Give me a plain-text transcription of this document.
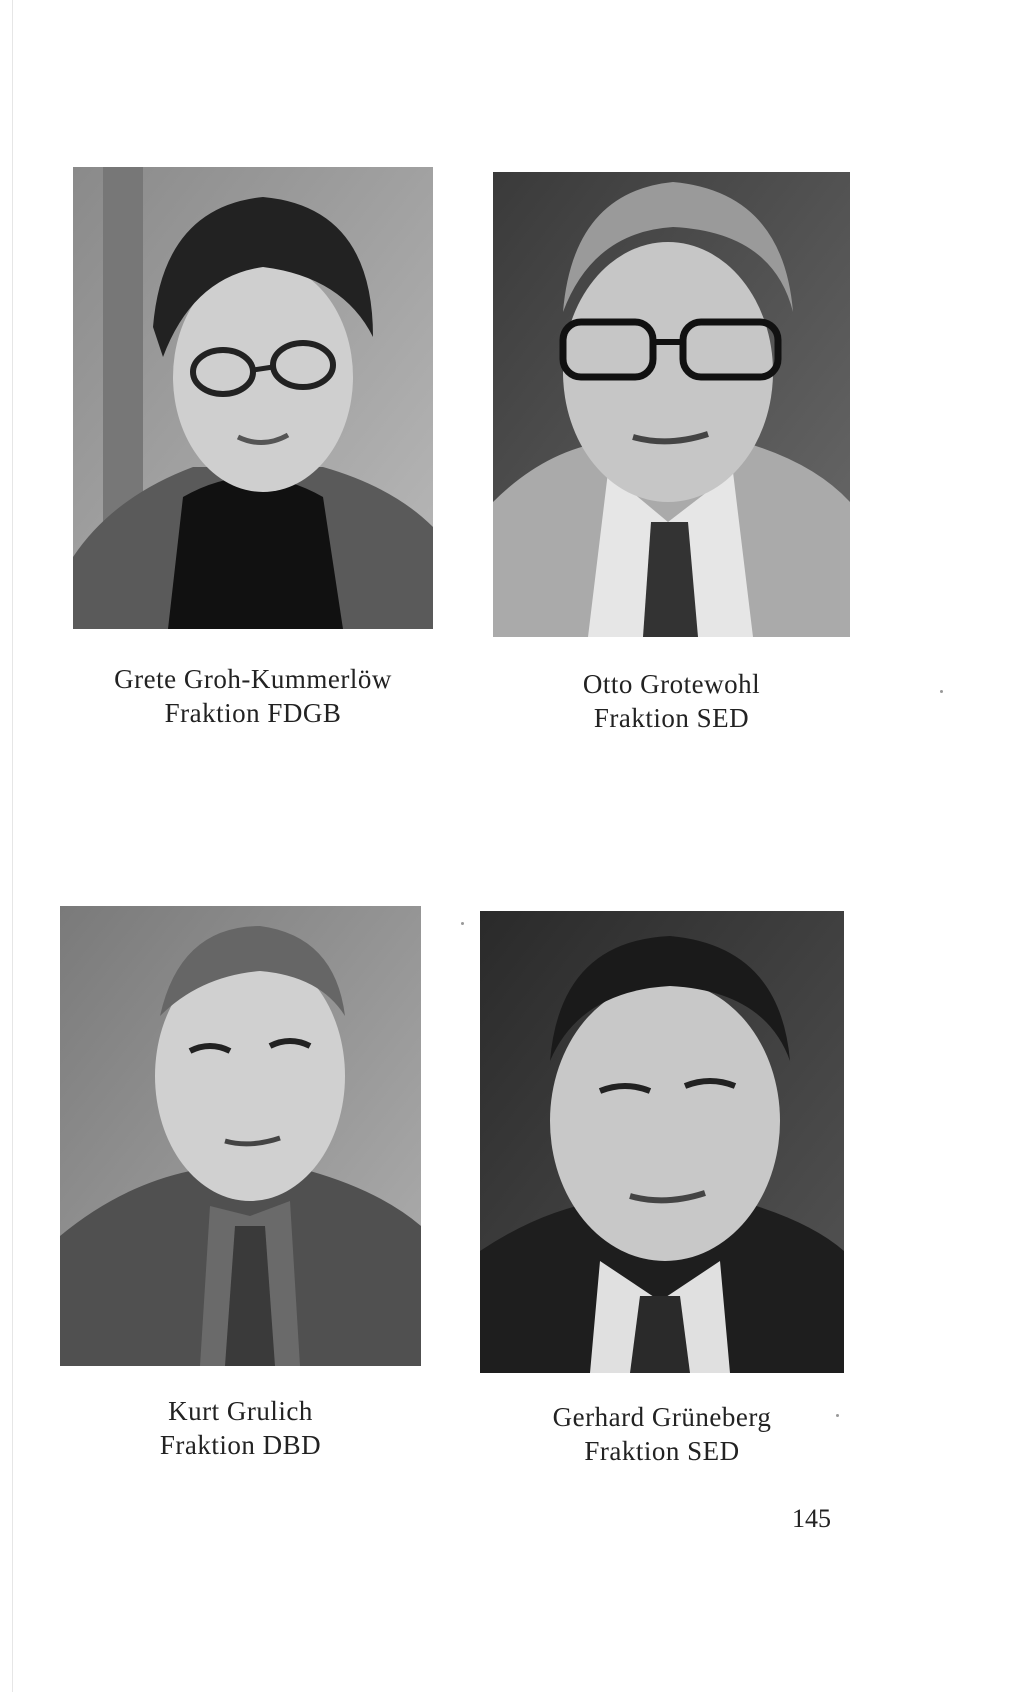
Grete Groh-Kummerlöw
Fraktion FDGB
Otto Grotewohl
Fraktion SED
Kurt Grulich
Fraktion DBD
Gerhard Grüneberg
Fraktion SED
145
